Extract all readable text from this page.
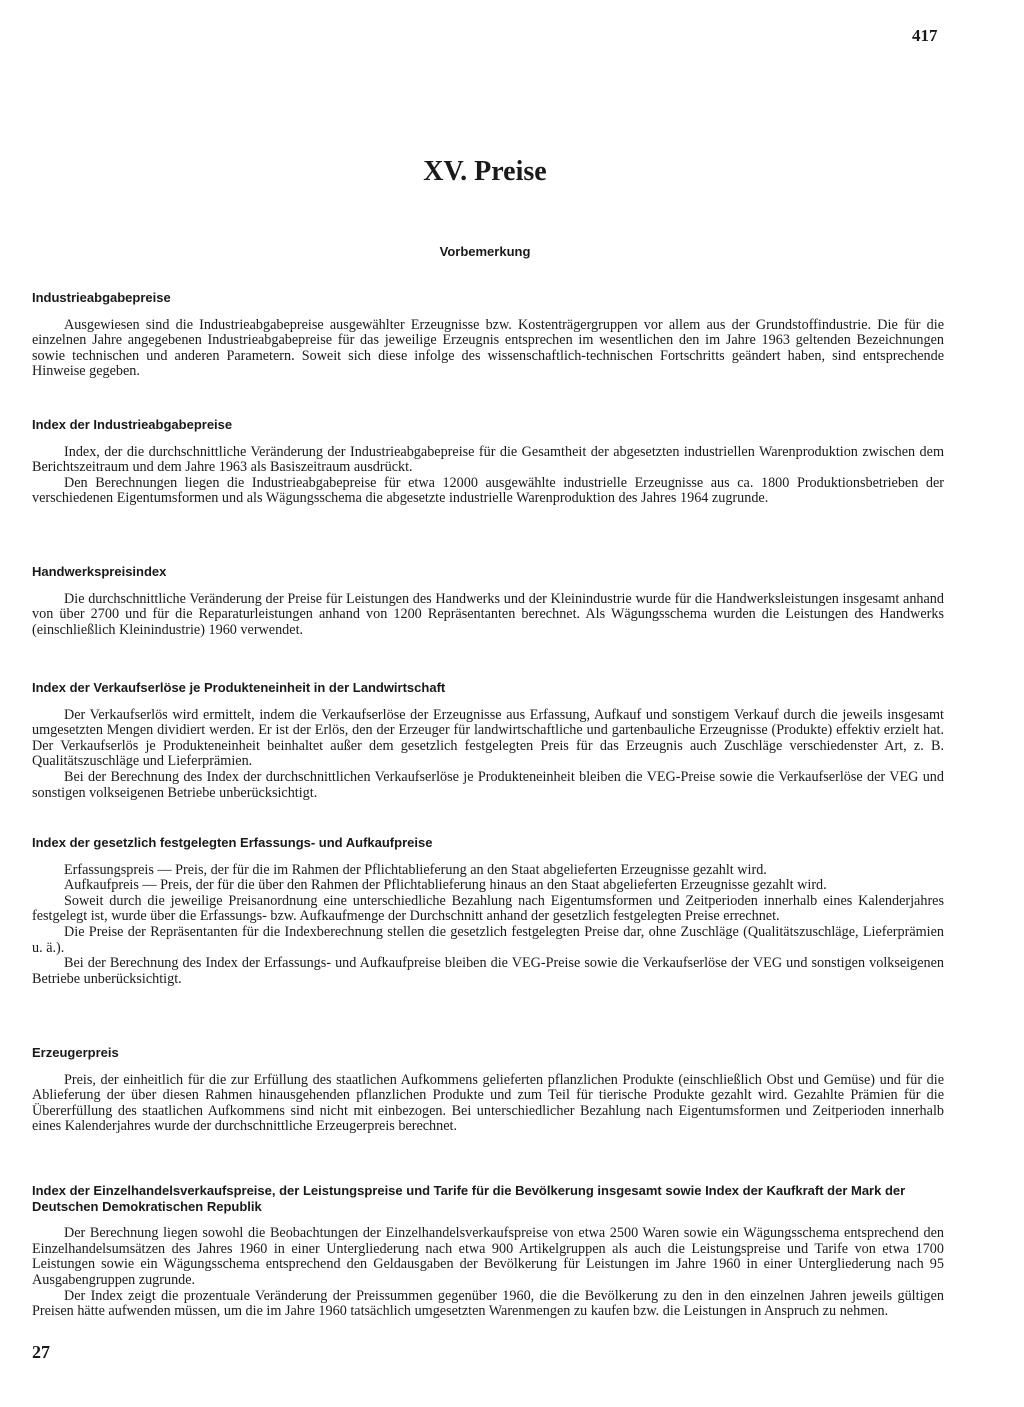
417
XV. Preise
Vorbemerkung
Industrieabgabepreise

Ausgewiesen sind die Industrieabgabepreise ausgewählter Erzeugnisse bzw. Kostenträgergruppen vor allem aus der Grundstoffindustrie. Die für die einzelnen Jahre angegebenen Industrieabgabepreise für das jeweilige Erzeugnis entsprechen im wesentlichen den im Jahre 1963 geltenden Bezeichnungen sowie technischen und anderen Parametern. Soweit sich diese infolge des wissenschaftlich-technischen Fortschritts geändert haben, sind entsprechende Hinweise gegeben.

Index der Industrieabgabepreise

Index, der die durchschnittliche Veränderung der Industrieabgabepreise für die Gesamtheit der abgesetzten industriellen Warenproduktion zwischen dem Berichtszeitraum und dem Jahre 1963 als Basiszeitraum ausdrückt.

Den Berechnungen liegen die Industrieabgabepreise für etwa 12000 ausgewählte industrielle Erzeugnisse aus ca. 1800 Produktionsbetrieben der verschiedenen Eigentumsformen und als Wägungsschema die abgesetzte industrielle Warenproduktion des Jahres 1964 zugrunde.

Handwerkspreisindex

Die durchschnittliche Veränderung der Preise für Leistungen des Handwerks und der Kleinindustrie wurde für die Handwerksleistungen insgesamt anhand von über 2700 und für die Reparaturleistungen anhand von 1200 Repräsentanten berechnet. Als Wägungsschema wurden die Leistungen des Handwerks (einschließlich Kleinindustrie) 1960 verwendet.

Index der Verkaufserlöse je Produkteneinheit in der Landwirtschaft

Der Verkaufserlös wird ermittelt, indem die Verkaufserlöse der Erzeugnisse aus Erfassung, Aufkauf und sonstigem Verkauf durch die jeweils insgesamt umgesetzten Mengen dividiert werden. Er ist der Erlös, den der Erzeuger für landwirtschaftliche und gartenbauliche Erzeugnisse (Produkte) effektiv erzielt hat. Der Verkaufserlös je Produkteneinheit beinhaltet außer dem gesetzlich festgelegten Preis für das Erzeugnis auch Zuschläge verschiedenster Art, z. B. Qualitätszuschläge und Lieferprämien.

Bei der Berechnung des Index der durchschnittlichen Verkaufserlöse je Produkteneinheit bleiben die VEG-Preise sowie die Verkaufserlöse der VEG und sonstigen volkseigenen Betriebe unberücksichtigt.

Index der gesetzlich festgelegten Erfassungs- und Aufkaufpreise

Erfassungspreis — Preis, der für die im Rahmen der Pflichtablieferung an den Staat abgelieferten Erzeugnisse gezahlt wird.

Aufkaufpreis — Preis, der für die über den Rahmen der Pflichtablieferung hinaus an den Staat abgelieferten Erzeugnisse gezahlt wird.

Soweit durch die jeweilige Preisanordnung eine unterschiedliche Bezahlung nach Eigentumsformen und Zeitperioden innerhalb eines Kalenderjahres festgelegt ist, wurde über die Erfassungs- bzw. Aufkaufmenge der Durchschnitt anhand der gesetzlich festgelegten Preise errechnet.

Die Preise der Repräsentanten für die Indexberechnung stellen die gesetzlich festgelegten Preise dar, ohne Zuschläge (Qualitätszuschläge, Lieferprämien u. ä.).

Bei der Berechnung des Index der Erfassungs- und Aufkaufpreise bleiben die VEG-Preise sowie die Verkaufserlöse der VEG und sonstigen volkseigenen Betriebe unberücksichtigt.

Erzeugerpreis

Preis, der einheitlich für die zur Erfüllung des staatlichen Aufkommens gelieferten pflanzlichen Produkte (einschließlich Obst und Gemüse) und für die Ablieferung der über diesen Rahmen hinausgehenden pflanzlichen Produkte und zum Teil für tierische Produkte gezahlt wird. Gezahlte Prämien für die Übererfüllung des staatlichen Aufkommens sind nicht mit einbezogen. Bei unterschiedlicher Bezahlung nach Eigentumsformen und Zeitperioden innerhalb eines Kalenderjahres wurde der durchschnittliche Erzeugerpreis berechnet.

Index der Einzelhandelsverkaufspreise, der Leistungspreise und Tarife für die Bevölkerung insgesamt sowie Index der Kaufkraft der Mark der Deutschen Demokratischen Republik

Der Berechnung liegen sowohl die Beobachtungen der Einzelhandelsverkaufspreise von etwa 2500 Waren sowie ein Wägungsschema entsprechend den Einzelhandelsumsätzen des Jahres 1960 in einer Untergliederung nach etwa 900 Artikelgruppen als auch die Leistungspreise und Tarife von etwa 1700 Leistungen sowie ein Wägungsschema entsprechend den Geldausgaben der Bevölkerung für Leistungen im Jahre 1960 in einer Untergliederung nach 95 Ausgabengruppen zugrunde.

Der Index zeigt die prozentuale Veränderung der Preissummen gegenüber 1960, die die Bevölkerung zu den in den einzelnen Jahren jeweils gültigen Preisen hätte aufwenden müssen, um die im Jahre 1960 tatsächlich umgesetzten Warenmengen zu kaufen bzw. die Leistungen in Anspruch zu nehmen.

27
